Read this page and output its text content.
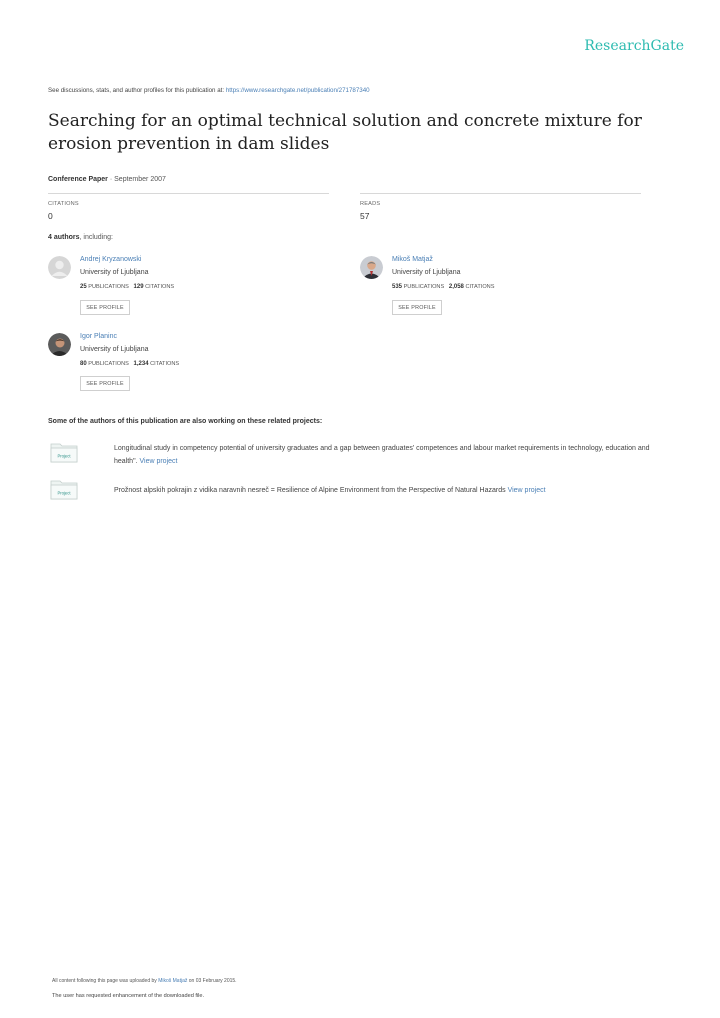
ResearchGate
See discussions, stats, and author profiles for this publication at: https://www.researchgate.net/publication/271787340
Searching for an optimal technical solution and concrete mixture for erosion prevention in dam slides
Conference Paper · September 2007
CITATIONS
0
READS
57
4 authors, including:
Andrej Kryzanowski
University of Ljubljana
25 PUBLICATIONS 129 CITATIONS
SEE PROFILE
Mikoš Matjaž
University of Ljubljana
535 PUBLICATIONS 2,058 CITATIONS
SEE PROFILE
Igor Planinc
University of Ljubljana
80 PUBLICATIONS 1,234 CITATIONS
SEE PROFILE
Some of the authors of this publication are also working on these related projects:
Project
Longitudinal study in competency potential of university graduates and a gap between graduates' competences and labour market requirements in technology, education and health". View project
Project	Prožnost alpskih pokrajin z vidika naravnih nesreč = Resilience of Alpine Environment from the Perspective of Natural Hazards View project
All content following this page was uploaded by Mikoš Matjaž on 03 February 2015.
The user has requested enhancement of the downloaded file.
